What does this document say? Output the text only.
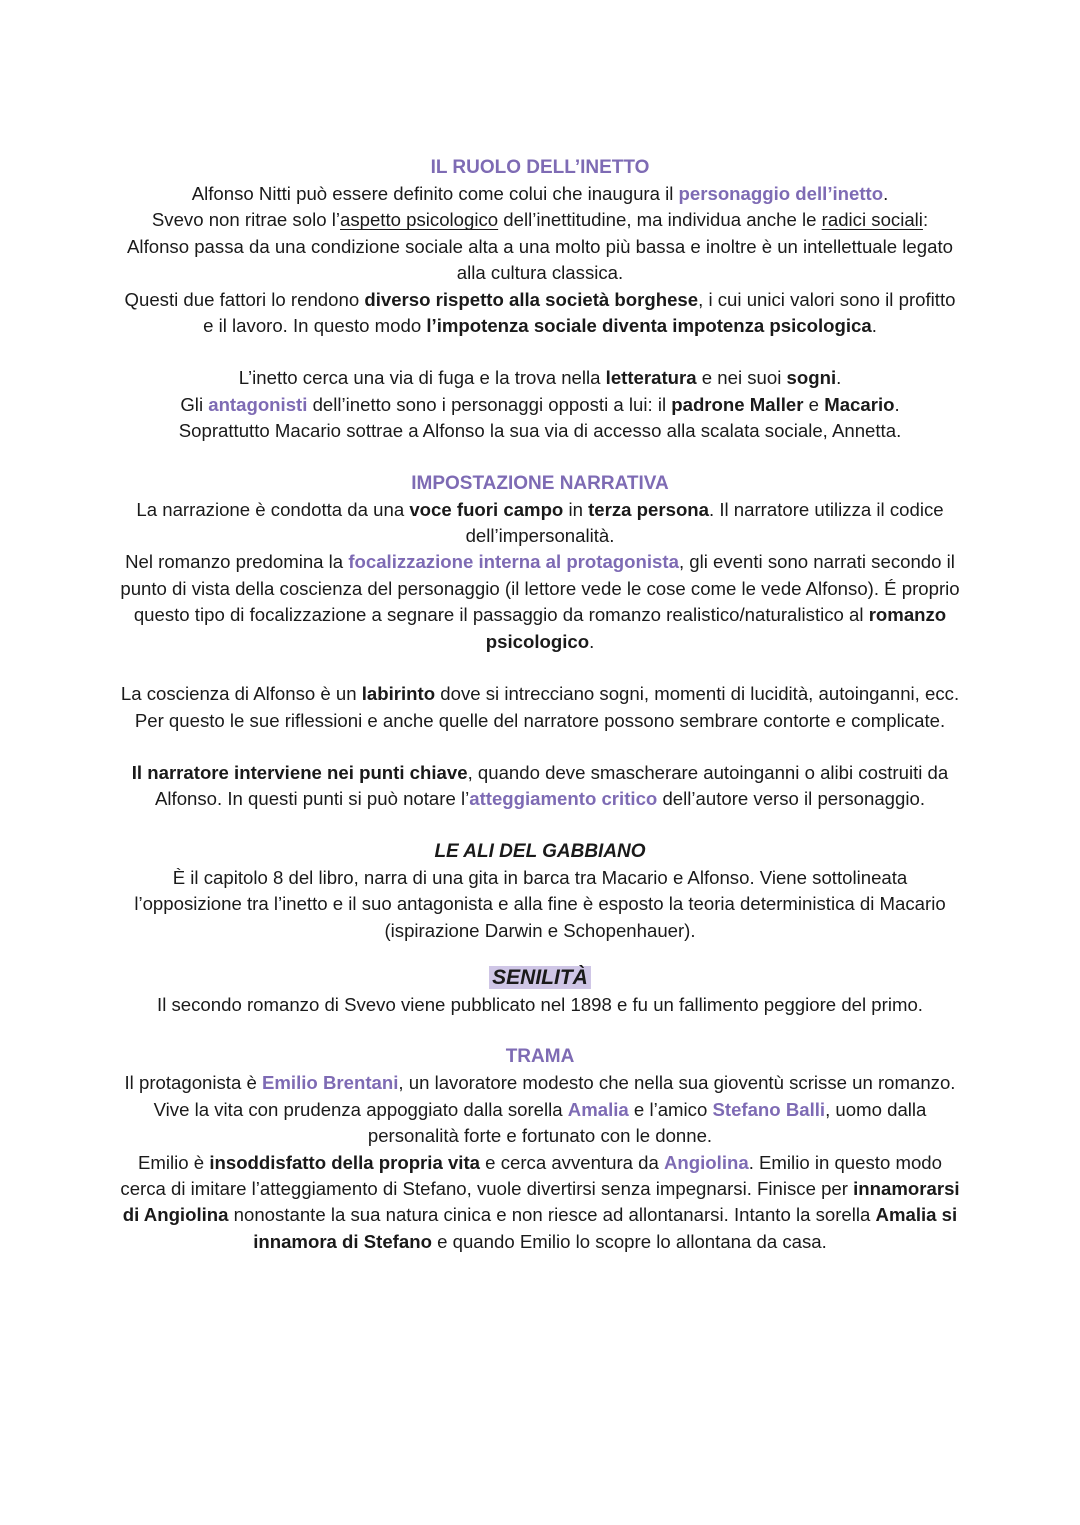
IL RUOLO DELL’INETTO

Alfonso Nitti può essere definito come colui che inaugura il personaggio dell’inetto.

Svevo non ritrae solo l’aspetto psicologico dell’inettitudine, ma individua anche le radici sociali: Alfonso passa da una condizione sociale alta a una molto più bassa e inoltre è un intellettuale legato alla cultura classica.

Questi due fattori lo rendono diverso rispetto alla società borghese, i cui unici valori sono il profitto e il lavoro. In questo modo l’impotenza sociale diventa impotenza psicologica.

L’inetto cerca una via di fuga e la trova nella letteratura e nei suoi sogni.

Gli antagonisti dell’inetto sono i personaggi opposti a lui: il padrone Maller e Macario.

Soprattutto Macario sottrae a Alfonso la sua via di accesso alla scalata sociale, Annetta.

IMPOSTAZIONE NARRATIVA

La narrazione è condotta da una voce fuori campo in terza persona. Il narratore utilizza il codice dell’impersonalità.

Nel romanzo predomina la focalizzazione interna al protagonista, gli eventi sono narrati secondo il punto di vista della coscienza del personaggio (il lettore vede le cose come le vede Alfonso). É proprio questo tipo di focalizzazione a segnare il passaggio da romanzo realistico/naturalistico al romanzo psicologico.

La coscienza di Alfonso è un labirinto dove si intrecciano sogni, momenti di lucidità, autoinganni, ecc. Per questo le sue riflessioni e anche quelle del narratore possono sembrare contorte e complicate.

Il narratore interviene nei punti chiave, quando deve smascherare autoinganni o alibi costruiti da Alfonso. In questi punti si può notare l’atteggiamento critico dell’autore verso il personaggio.

LE ALI DEL GABBIANO

È il capitolo 8 del libro, narra di una gita in barca tra Macario e Alfonso. Viene sottolineata l’opposizione tra l’inetto e il suo antagonista e alla fine è esposto la teoria deterministica di Macario (ispirazione Darwin e Schopenhauer).

SENILITÀ

Il secondo romanzo di Svevo viene pubblicato nel 1898 e fu un fallimento peggiore del primo.

TRAMA

Il protagonista è Emilio Brentani, un lavoratore modesto che nella sua gioventù scrisse un romanzo. Vive la vita con prudenza appoggiato dalla sorella Amalia e l’amico Stefano Balli, uomo dalla personalità forte e fortunato con le donne.

Emilio è insoddisfatto della propria vita e cerca avventura da Angiolina. Emilio in questo modo cerca di imitare l’atteggiamento di Stefano, vuole divertirsi senza impegnarsi. Finisce per innamorarsi di Angiolina nonostante la sua natura cinica e non riesce ad allontanarsi. Intanto la sorella Amalia si innamora di Stefano e quando Emilio lo scopre lo allontana da casa.
